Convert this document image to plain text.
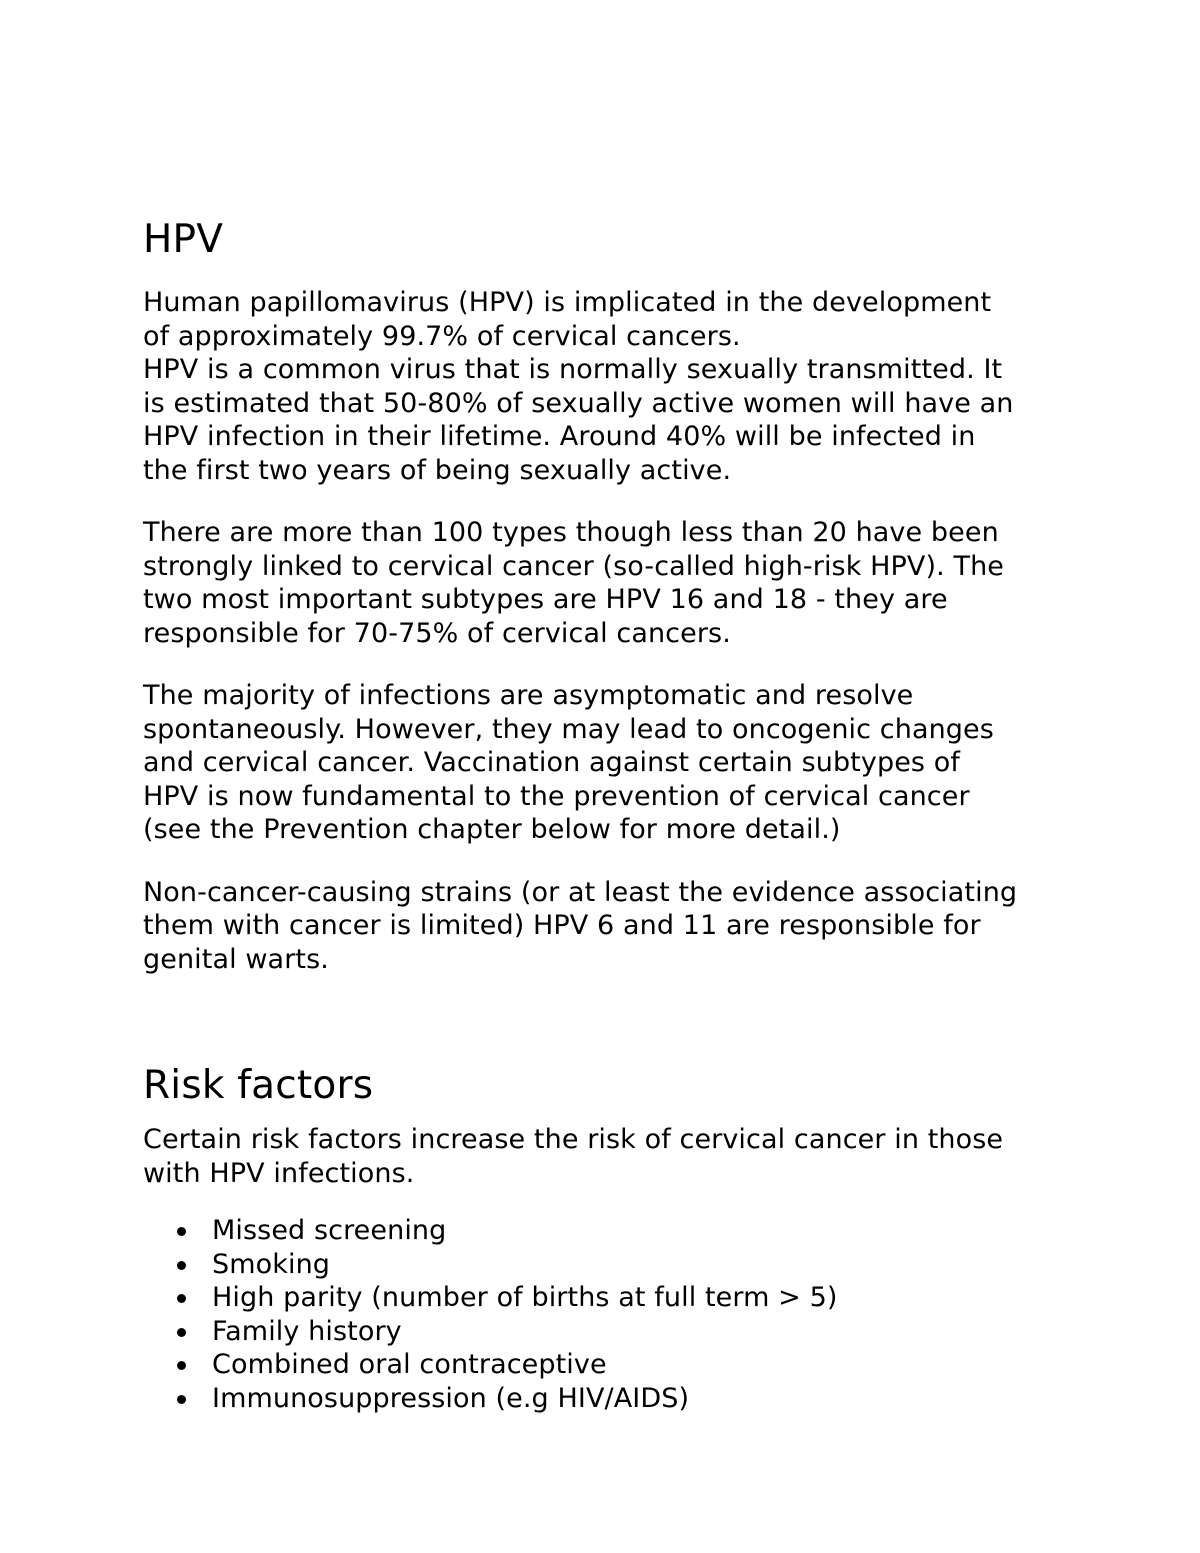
HPV

Human papillomavirus (HPV) is implicated in the development
of approximately 99.7% of cervical cancers.
HPV is a common virus that is normally sexually transmitted. It
is estimated that 50-80% of sexually active women will have an
HPV infection in their lifetime. Around 40% will be infected in
the first two years of being sexually active.

There are more than 100 types though less than 20 have been
strongly linked to cervical cancer (so-called high-risk HPV). The
two most important subtypes are HPV 16 and 18 - they are
responsible for 70-75% of cervical cancers.

The majority of infections are asymptomatic and resolve
spontaneously. However, they may lead to oncogenic changes
and cervical cancer. Vaccination against certain subtypes of
HPV is now fundamental to the prevention of cervical cancer
(see the Prevention chapter below for more detail.)

Non-cancer-causing strains (or at least the evidence associating
them with cancer is limited) HPV 6 and 11 are responsible for
genital warts.

Risk factors

Certain risk factors increase the risk of cervical cancer in those
with HPV infections.

Missed screening
Smoking
High parity (number of births at full term > 5)
Family history
Combined oral contraceptive
Immunosuppression (e.g HIV/AIDS)
